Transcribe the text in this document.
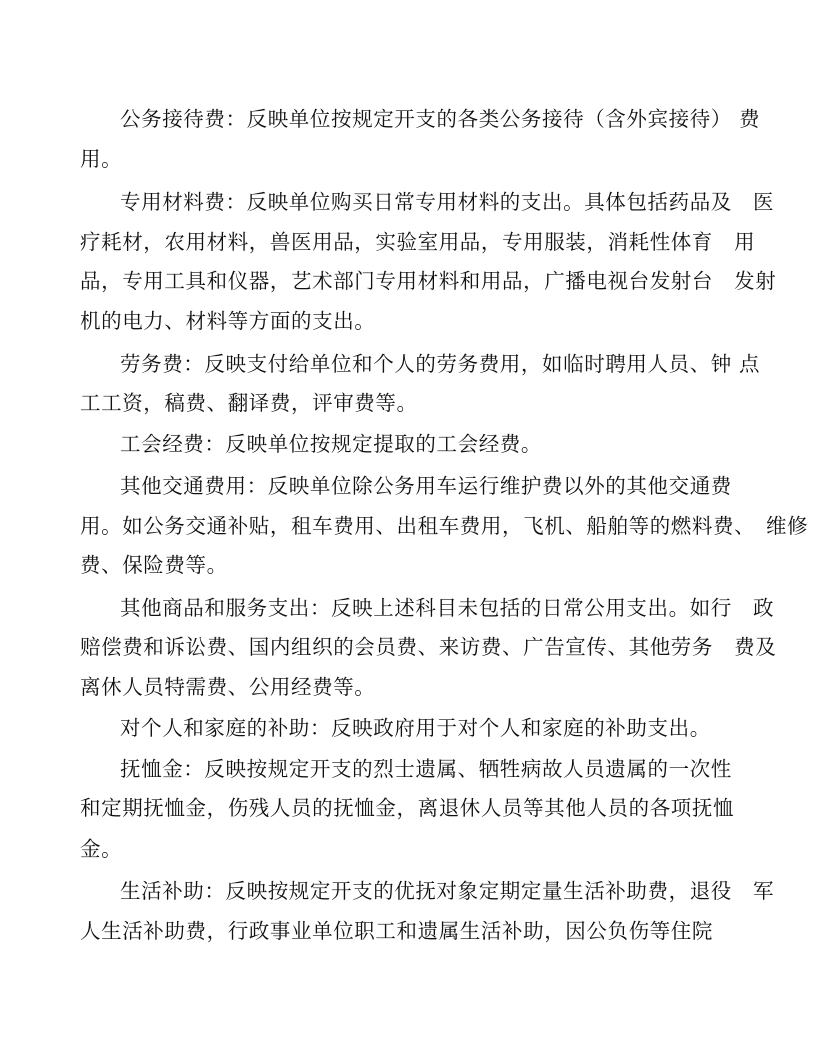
公务接待费：反映单位按规定开支的各类公务接待（含外宾接待） 费
用。
专用材料费：反映单位购买日常专用材料的支出。具体包括药品及　医
疗耗材，农用材料，兽医用品，实验室用品，专用服装，消耗性体育　用
品，专用工具和仪器，艺术部门专用材料和用品，广播电视台发射台　发射
机的电力、材料等方面的支出。
劳务费：反映支付给单位和个人的劳务费用，如临时聘用人员、钟 点
工工资，稿费、翻译费，评审费等。
工会经费：反映单位按规定提取的工会经费。
其他交通费用：反映单位除公务用车运行维护费以外的其他交通费
用。如公务交通补贴，租车费用、出租车费用，飞机、船舶等的燃料费、　维修
费、保险费等。
其他商品和服务支出：反映上述科目未包括的日常公用支出。如行　政
赔偿费和诉讼费、国内组织的会员费、来访费、广告宣传、其他劳务　费及
离休人员特需费、公用经费等。
对个人和家庭的补助：反映政府用于对个人和家庭的补助支出。
抚恤金：反映按规定开支的烈士遗属、牺牲病故人员遗属的一次性
和定期抚恤金，伤残人员的抚恤金，离退休人员等其他人员的各项抚恤
金。
生活补助：反映按规定开支的优抚对象定期定量生活补助费，退役　军
人生活补助费，行政事业单位职工和遗属生活补助，因公负伤等住院
